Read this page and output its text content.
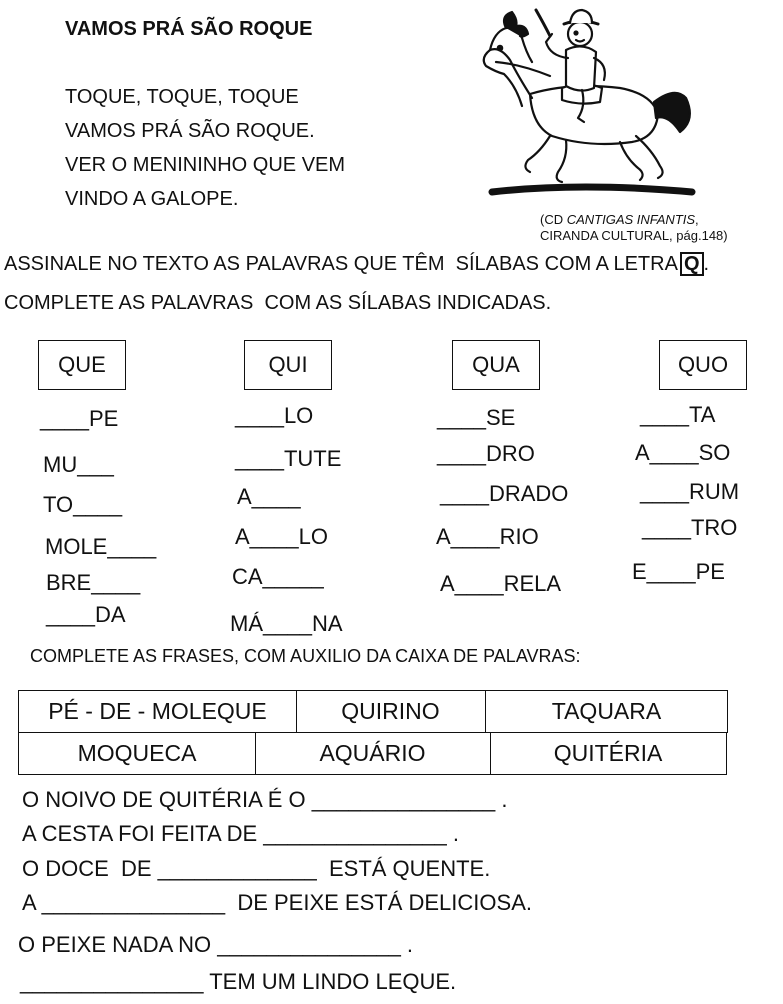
VAMOS PRÁ SÃO ROQUE
TOQUE, TOQUE, TOQUE
VAMOS PRÁ SÃO ROQUE.
VER O MENININHO QUE VEM
VINDO A GALOPE.
(CD CANTIGAS INFANTIS,
CIRANDA CULTURAL, pág.148)
ASSINALE NO TEXTO AS PALAVRAS QUE TÊM  SÍLABAS COM A LETRA Q .
COMPLETE AS PALAVRAS  COM AS SÍLABAS INDICADAS.
QUE	QUI	QUA	QUO
____PE
MU___
TO____
MOLE____
BRE____
____DA
____LO
____TUTE
A____
A____LO
CA_____
MÁ____NA
____SE
____DRO
____DRADO
A____RIO
A____RELA
____TA
A____SO
____RUM
____TRO
E____PE
COMPLETE AS FRASES, COM AUXILIO DA CAIXA DE PALAVRAS:
PÉ - DE - MOLEQUE	QUIRINO	TAQUARA
MOQUECA	AQUÁRIO	QUITÉRIA
O NOIVO DE QUITÉRIA É O _______________ .
A CESTA FOI FEITA DE _______________ .
O DOCE  DE _____________  ESTÁ QUENTE.
A _______________  DE PEIXE ESTÁ DELICIOSA.
O PEIXE NADA NO _______________ .
_______________ TEM UM LINDO LEQUE.
